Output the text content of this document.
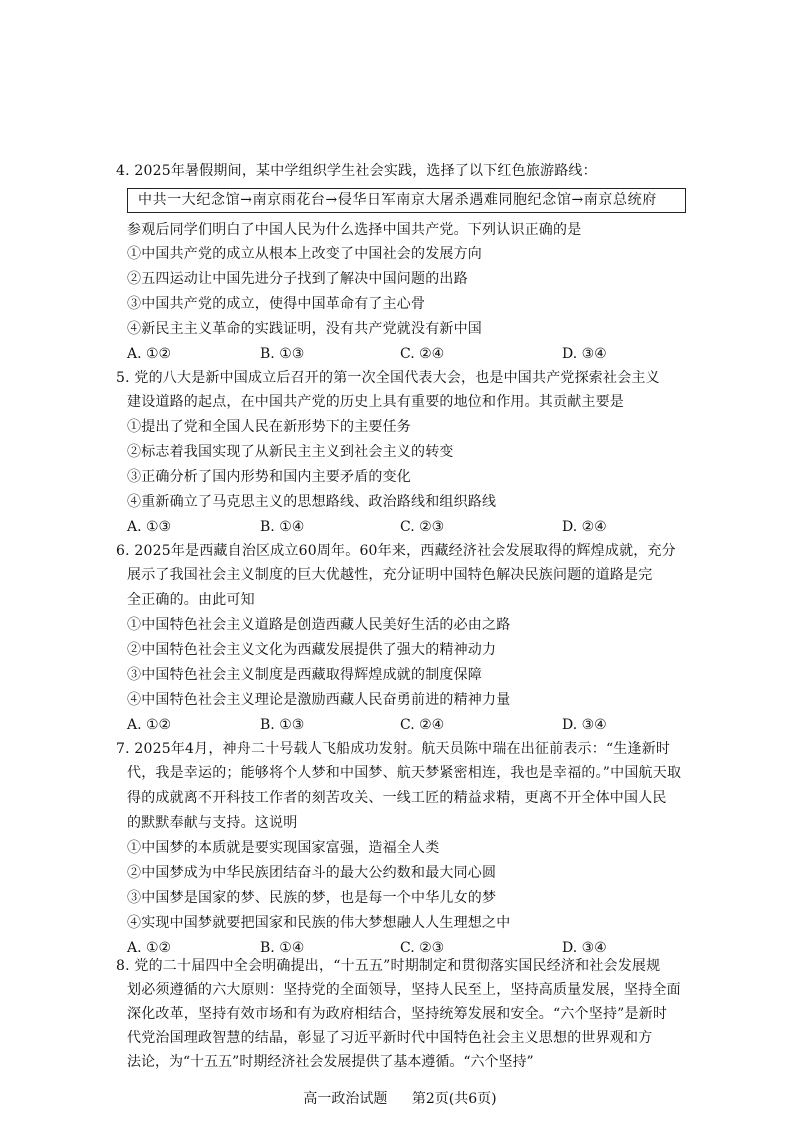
4. 2025年暑假期间，某中学组织学生社会实践，选择了以下红色旅游路线：
中共一大纪念馆→南京雨花台→侵华日军南京大屠杀遇难同胞纪念馆→南京总统府
参观后同学们明白了中国人民为什么选择中国共产党。下列认识正确的是
①中国共产党的成立从根本上改变了中国社会的发展方向
②五四运动让中国先进分子找到了解决中国问题的出路
③中国共产党的成立，使得中国革命有了主心骨
④新民主主义革命的实践证明，没有共产党就没有新中国
A. ①②	B. ①③	C. ②④	D. ③④
5. 党的八大是新中国成立后召开的第一次全国代表大会，也是中国共产党探索社会主义
建设道路的起点，在中国共产党的历史上具有重要的地位和作用。其贡献主要是
①提出了党和全国人民在新形势下的主要任务
②标志着我国实现了从新民主主义到社会主义的转变
③正确分析了国内形势和国内主要矛盾的变化
④重新确立了马克思主义的思想路线、政治路线和组织路线
A. ①③	B. ①④	C. ②③	D. ②④
6. 2025年是西藏自治区成立60周年。60年来，西藏经济社会发展取得的辉煌成就，充分
展示了我国社会主义制度的巨大优越性，充分证明中国特色解决民族问题的道路是完
全正确的。由此可知
①中国特色社会主义道路是创造西藏人民美好生活的必由之路
②中国特色社会主义文化为西藏发展提供了强大的精神动力
③中国特色社会主义制度是西藏取得辉煌成就的制度保障
④中国特色社会主义理论是激励西藏人民奋勇前进的精神力量
A. ①②	B. ①③	C. ②④	D. ③④
7. 2025年4月，神舟二十号载人飞船成功发射。航天员陈中瑞在出征前表示：“生逢新时
代，我是幸运的；能够将个人梦和中国梦、航天梦紧密相连，我也是幸福的。”中国航天取
得的成就离不开科技工作者的刻苦攻关、一线工匠的精益求精，更离不开全体中国人民
的默默奉献与支持。这说明
①中国梦的本质就是要实现国家富强，造福全人类
②中国梦成为中华民族团结奋斗的最大公约数和最大同心圆
③中国梦是国家的梦、民族的梦，也是每一个中华儿女的梦
④实现中国梦就要把国家和民族的伟大梦想融人人生理想之中
A. ①②	B. ①④	C. ②③	D. ③④
8. 党的二十届四中全会明确提出，“十五五”时期制定和贯彻落实国民经济和社会发展规
划必须遵循的六大原则：坚持党的全面领导，坚持人民至上，坚持高质量发展，坚持全面
深化改革，坚持有效市场和有为政府相结合，坚持统筹发展和安全。“六个坚持”是新时
代党治国理政智慧的结晶，彰显了习近平新时代中国特色社会主义思想的世界观和方
高一政治试题 第2页(共6页)
法论，为“十五五”时期经济社会发展提供了基本遵循。“六个坚持”
